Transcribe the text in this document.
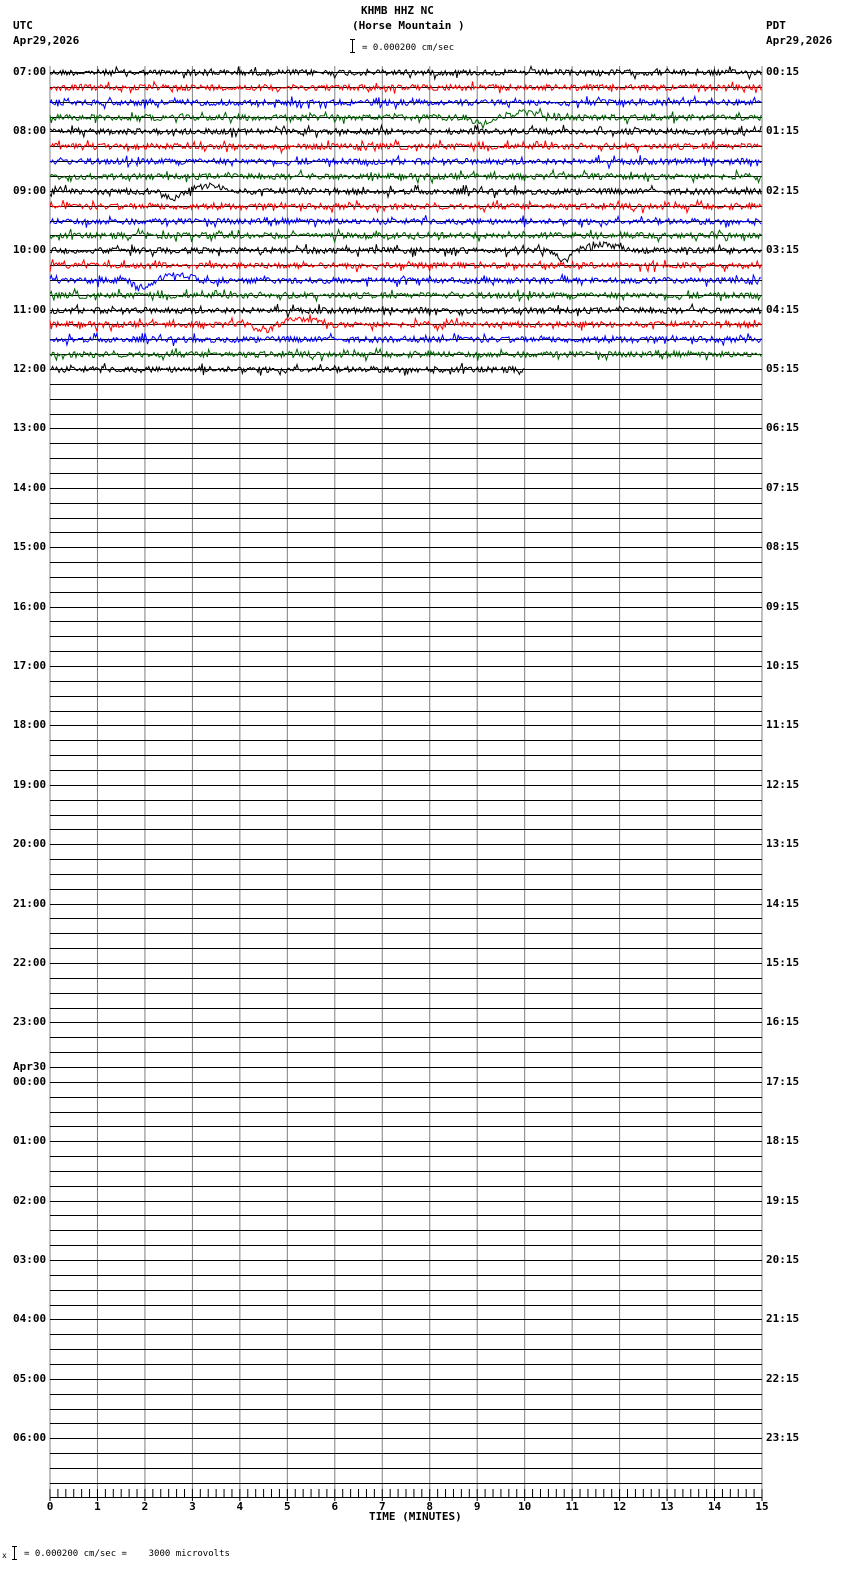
KHMB HHZ NC
(Horse Mountain )
= 0.000200 cm/sec
UTC
Apr29,2026
PDT
Apr29,2026
07:00
08:00
09:00
10:00
11:00
12:00
13:00
14:00
15:00
16:00
17:00
18:00
19:00
20:00
21:00
22:00
23:00
00:00
Apr30
01:00
02:00
03:00
04:00
05:00
06:00
00:15
01:15
02:15
03:15
04:15
05:15
06:15
07:15
08:15
09:15
10:15
11:15
12:15
13:15
14:15
15:15
16:15
17:15
18:15
19:15
20:15
21:15
22:15
23:15
0	1	2	3	4	5	6	7	8	9	10	11	12	13	14	15
TIME (MINUTES)
x = 0.000200 cm/sec =    3000 microvolts
